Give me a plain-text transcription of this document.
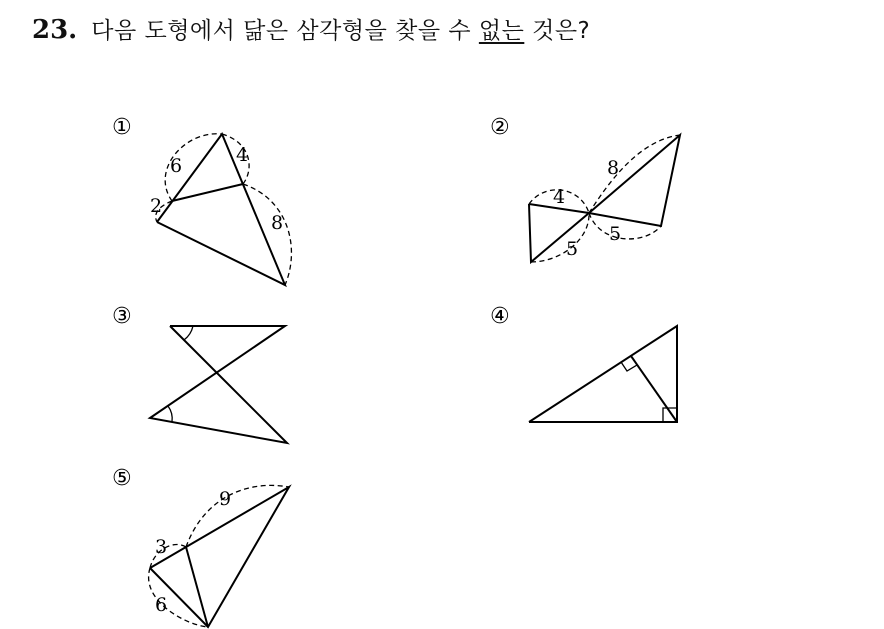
23. 다음 도형에서 닮은 삼각형을 찾을 수 없는 것은?
①
6	4
2
8
②
4
8
5
5
③	④
⑤
9
3
6
